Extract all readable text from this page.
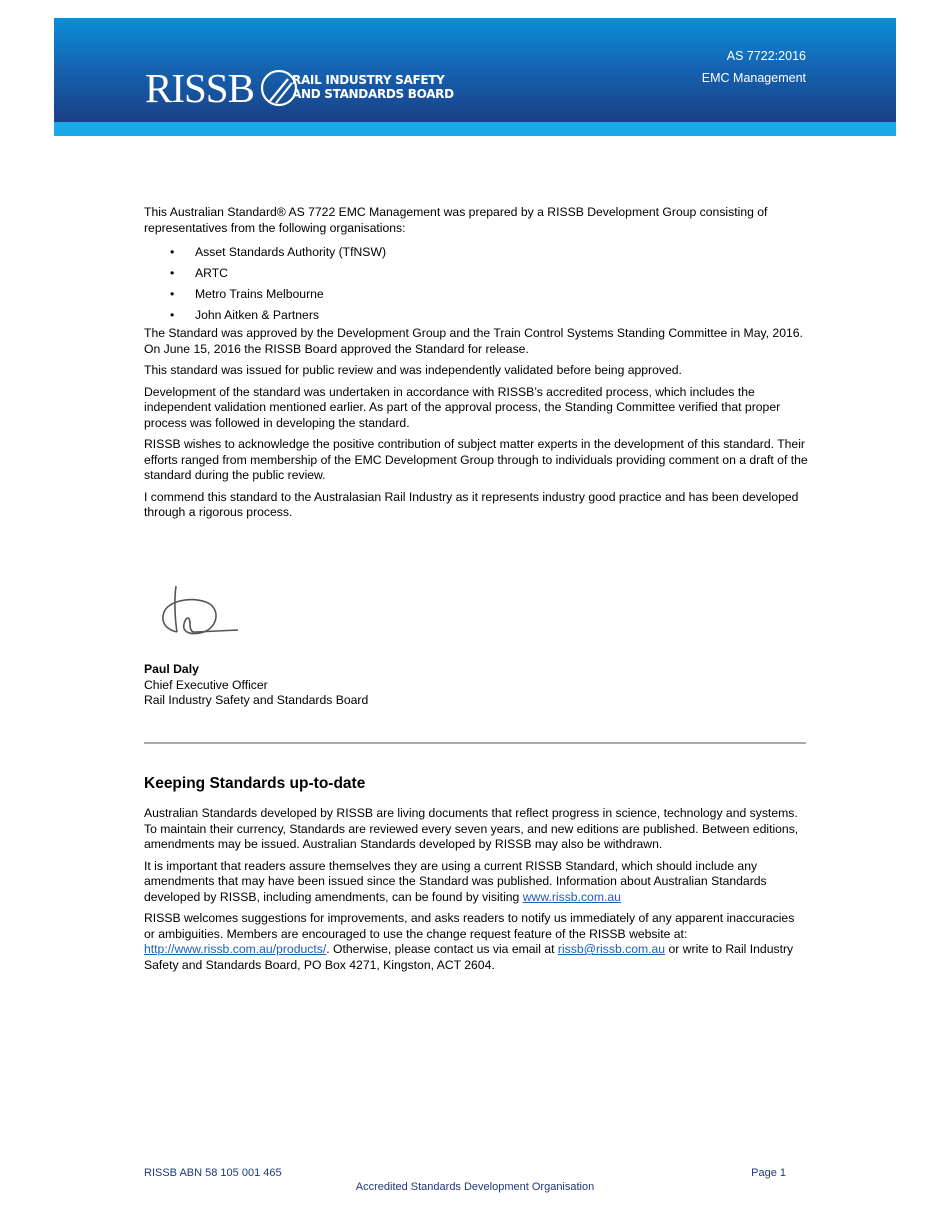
RISSB	RAIL INDUSTRY SAFETY
AND STANDARDS BOARD
AS 7722:2016
EMC Management

This Australian Standard® AS 7722 EMC Management was prepared by a RISSB Development Group consisting of representatives from the following organisations:

• Asset Standards Authority (TfNSW)
• ARTC
• Metro Trains Melbourne
• John Aitken & Partners

The Standard was approved by the Development Group and the Train Control Systems Standing Committee in May, 2016. On June 15, 2016 the RISSB Board approved the Standard for release.

This standard was issued for public review and was independently validated before being approved.

Development of the standard was undertaken in accordance with RISSB’s accredited process, which includes the independent validation mentioned earlier. As part of the approval process, the Standing Committee verified that proper process was followed in developing the standard.

RISSB wishes to acknowledge the positive contribution of subject matter experts in the development of this standard. Their efforts ranged from membership of the EMC Development Group through to individuals providing comment on a draft of the standard during the public review.

I commend this standard to the Australasian Rail Industry as it represents industry good practice and has been developed through a rigorous process.

Paul Daly
Chief Executive Officer
Rail Industry Safety and Standards Board
Keeping Standards up-to-date

Australian Standards developed by RISSB are living documents that reflect progress in science, technology and systems. To maintain their currency, Standards are reviewed every seven years, and new editions are published. Between editions, amendments may be issued. Australian Standards developed by RISSB may also be withdrawn.

It is important that readers assure themselves they are using a current RISSB Standard, which should include any amendments that may have been issued since the Standard was published. Information about Australian Standards developed by RISSB, including amendments, can be found by visiting www.rissb.com.au

RISSB welcomes suggestions for improvements, and asks readers to notify us immediately of any apparent inaccuracies or ambiguities. Members are encouraged to use the change request feature of the RISSB website at: http://www.rissb.com.au/products/. Otherwise, please contact us via email at rissb@rissb.com.au or write to Rail Industry Safety and Standards Board, PO Box 4271, Kingston, ACT 2604.

RISSB ABN 58 105 001 465	Page 1
Accredited Standards Development Organisation
